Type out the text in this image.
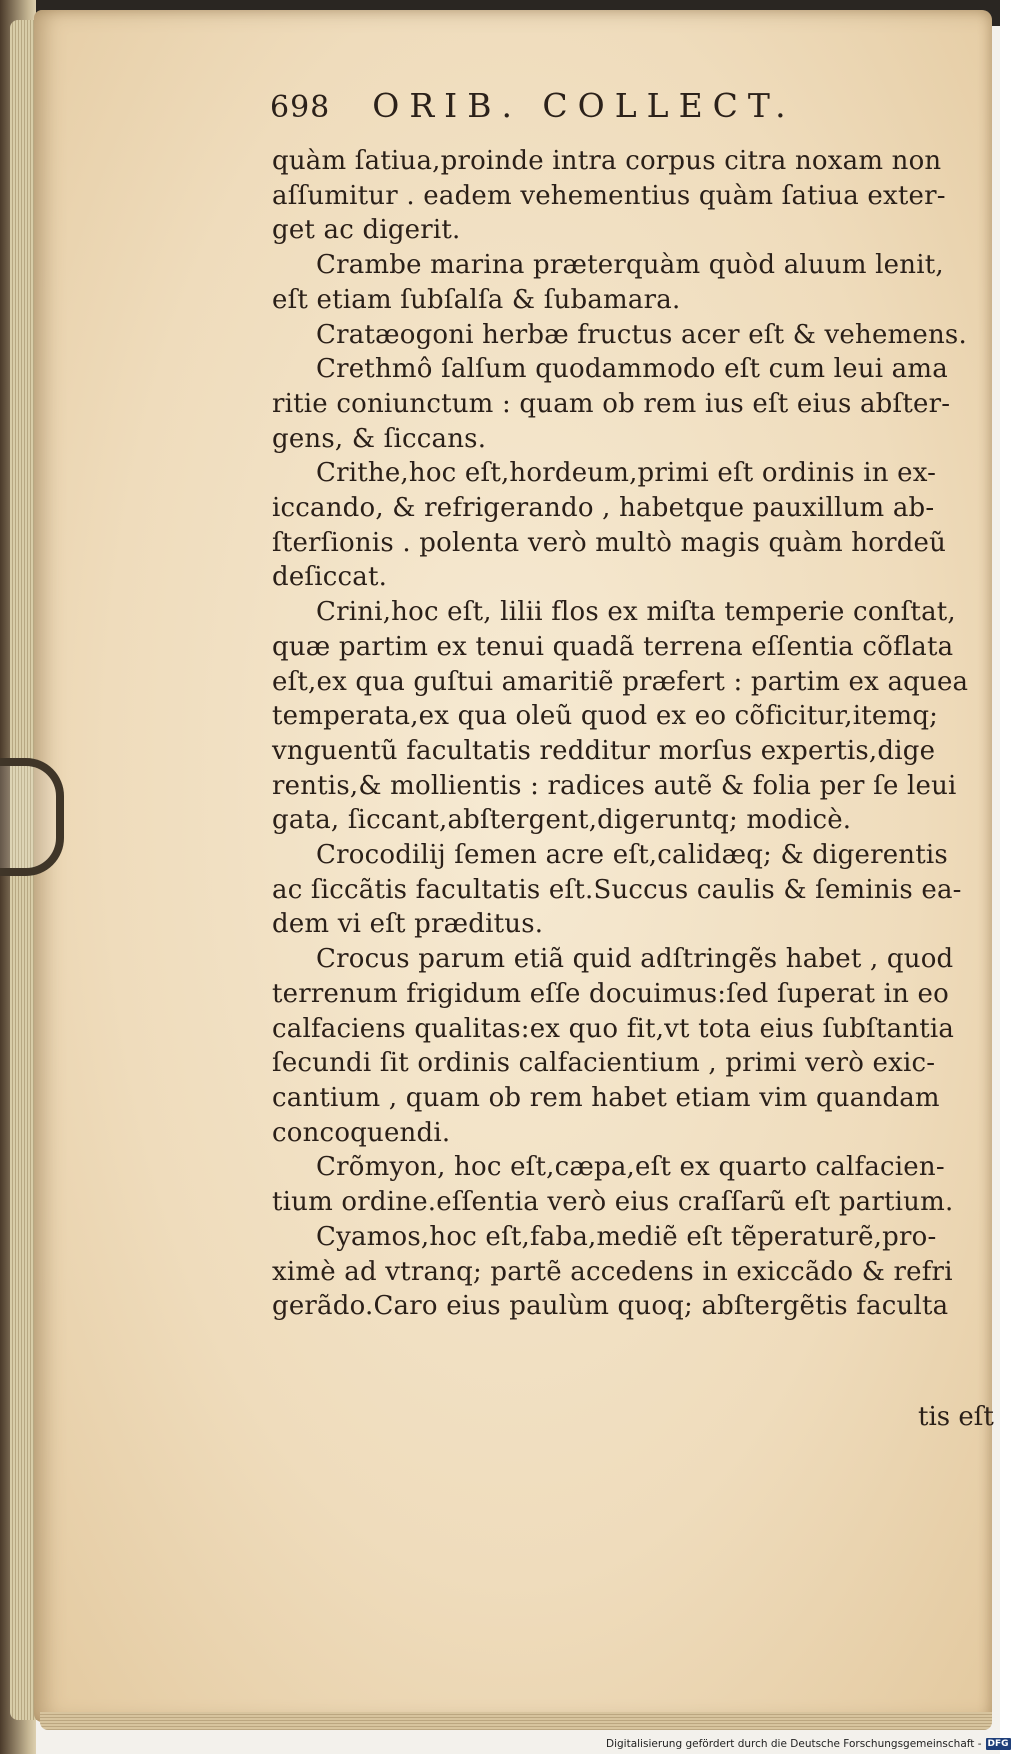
698 ORIB. COLLECT.
quàm ſatiua,proinde intra corpus citra noxam non
aſſumitur . eadem vehementius quàm ſatiua exter-
get ac digerit.
Crambe marina præterquàm quòd aluum lenit,
eſt etiam ſubſalſa & ſubamara.
Cratæogoni herbæ fructus acer eſt & vehemens.
Crethmô ſalſum quodammodo eſt cum leui ama
ritie coniunctum : quam ob rem ius eſt eius abſter-
gens, & ſiccans.
Crithe,hoc eſt,hordeum,primi eſt ordinis in ex-
iccando, & refrigerando , habetque pauxillum ab-
ſterſionis . polenta verò multò magis quàm hordeũ
deſiccat.
Crini,hoc eſt, lilii flos ex miſta temperie conſtat,
quæ partim ex tenui quadã terrena eſſentia cõflata
eſt,ex qua guſtui amaritiẽ præfert : partim ex aquea
temperata,ex qua oleũ quod ex eo cõficitur,itemq;
vnguentũ facultatis redditur morſus expertis,dige
rentis,& mollientis : radices autẽ & folia per ſe leui
gata, ſiccant,abſtergent,digeruntq; modicè.
Crocodilij ſemen acre eſt,calidæq; & digerentis
ac ſiccãtis facultatis eſt.Succus caulis & ſeminis ea-
dem vi eſt præditus.
Crocus parum etiã quid adſtringẽs habet , quod
terrenum frigidum eſſe docuimus:ſed ſuperat in eo
calfaciens qualitas:ex quo fit,vt tota eius ſubſtantia
ſecundi ſit ordinis calfacientium , primi verò exic-
cantium , quam ob rem habet etiam vim quandam
concoquendi.
Crõmyon, hoc eſt,cæpa,eſt ex quarto calfacien-
tium ordine.eſſentia verò eius craſſarũ eſt partium.
Cyamos,hoc eſt,faba,mediẽ eſt tẽperaturẽ,pro-
ximè ad vtranq; partẽ accedens in exiccãdo & refri
gerãdo.Caro eius paulùm quoq; abſtergẽtis faculta
tis eſt
Digitalisierung gefördert durch die Deutsche Forschungsgemeinschaft - DFG
